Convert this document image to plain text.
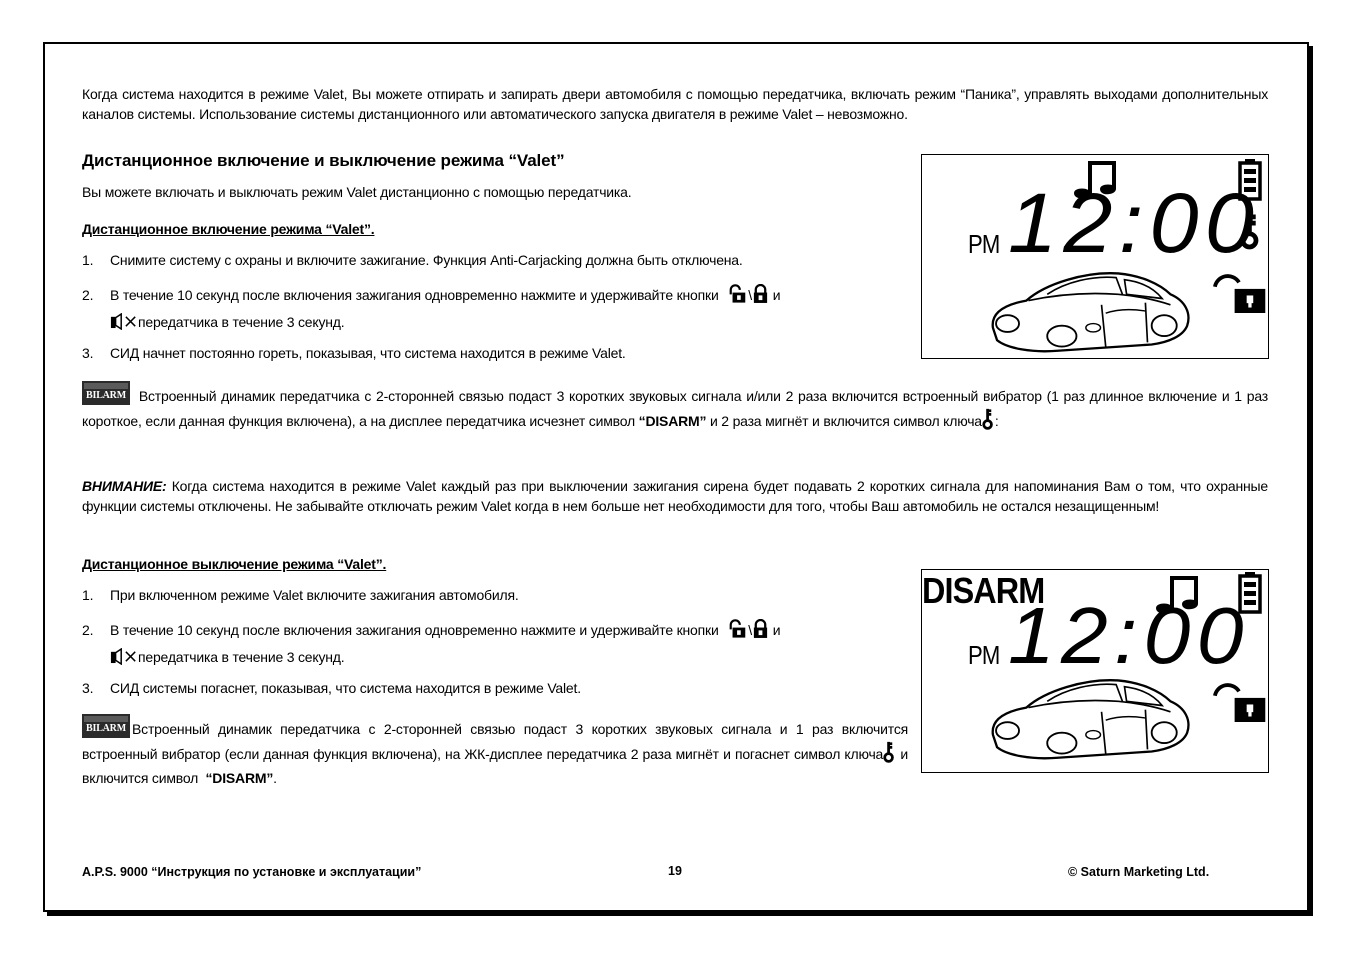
Когда система находится в режиме Valet, Вы можете отпирать и запирать двери автомобиля с помощью передатчика, включать режим “Паника”, управлять выходами дополнительных каналов системы. Использование системы дистанционного или автоматического запуска двигателя в режиме Valet – невозможно.
Дистанционное включение и выключение режима “Valet”
Вы можете включать и выключать режим Valet дистанционно с помощью передатчика.
Дистанционное включение режима “Valet”.
1. Снимите систему с охраны и включите зажигание. Функция Anti-Carjacking должна быть отключена.
2. В течение 10 секунд после включения зажигания одновременно нажмите и удерживайте кнопки \ и
передатчика в течение 3 секунд.
3. СИД начнет постоянно гореть, показывая, что система находится в режиме Valet.
Встроенный динамик передатчика с 2-сторонней связью подаст 3 коротких звуковых сигнала и/или 2 раза включится встроенный вибратор (1 раз длинное включение и 1 раз короткое, если данная функция включена), а на дисплее передатчика исчезнет символ “DISARM” и 2 раза мигнёт и включится символ ключа :
ВНИМАНИЕ: Когда система находится в режиме Valet каждый раз при выключении зажигания сирена будет подавать 2 коротких сигнала для напоминания Вам о том, что охранные функции системы отключены. Не забывайте отключать режим Valet когда в нем больше нет необходимости для того, чтобы Ваш автомобиль не остался незащищенным!
Дистанционное выключение режима “Valet”.
1. При включенном режиме Valet включите зажигания автомобиля.
2. В течение 10 секунд после включения зажигания одновременно нажмите и удерживайте кнопки \ и
передатчика в течение 3 секунд.
3. СИД системы погаснет, показывая, что система находится в режиме Valet.
Встроенный динамик передатчика с 2-сторонней связью подаст 3 коротких звуковых сигнала и 1 раз включится встроенный вибратор (если данная функция включена), на ЖК-дисплее передатчика 2 раза мигнёт и погаснет символ ключа и включится символ “DISARM”.
PM 12:00
DISARM
PM 12:00
A.P.S. 9000 “Инструкция по установке и эксплуатации”	19	© Saturn Marketing Ltd.
